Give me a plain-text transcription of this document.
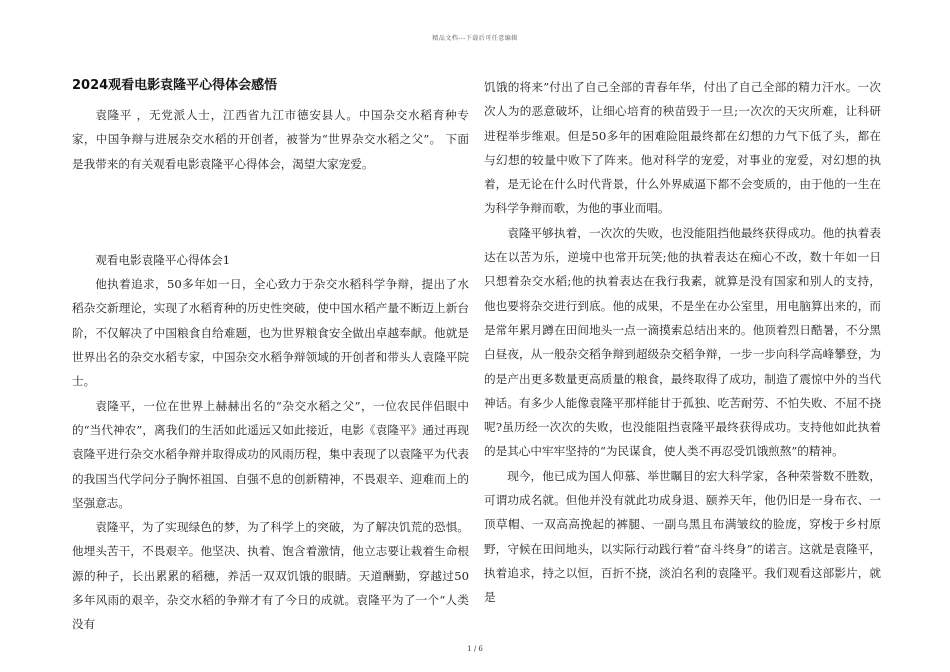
精品文档---下载后可任意编辑
2024观看电影袁隆平心得体会感悟

袁隆平 ，无党派人士，江西省九江市德安县人。中国杂交水稻育种专家，中国争辩与进展杂交水稻的开创者，被誉为“世界杂交水稻之父”。 下面是我带来的有关观看电影袁隆平心得体会，渴望大家宠爱。

观看电影袁隆平心得体会1

他执着追求，50多年如一日，全心致力于杂交水稻科学争辩，提出了水稻杂交新理论，实现了水稻育种的历史性突破，使中国水稻产量不断迈上新台阶，不仅解决了中国粮食自给难题，也为世界粮食安全做出卓越奉献。他就是世界出名的杂交水稻专家，中国杂交水稻争辩领域的开创者和带头人袁隆平院士。

袁隆平，一位在世界上赫赫出名的“杂交水稻之父”，一位农民伴侣眼中的“当代神农”，离我们的生活如此遥远又如此接近，电影《袁隆平》通过再现袁隆平进行杂交水稻争辩并取得成功的风雨历程，集中表现了以袁隆平为代表的我国当代学问分子胸怀祖国、自强不息的创新精神，不畏艰辛、迎难而上的坚强意志。

袁隆平，为了实现绿色的梦，为了科学上的突破，为了解决饥荒的恐惧。他埋头苦干，不畏艰辛。他坚决、执着、饱含着激情，他立志要让栽着生命根源的种子，长出累累的稻穗，养活一双双饥饿的眼睛。天道酬勤，穿越过50多年风雨的艰辛，杂交水稻的争辩才有了今日的成就。袁隆平为了一个“人类没有

饥饿的将来”付出了自己全部的青春年华，付出了自己全部的精力汗水。一次次人为的恶意破坏，让细心培育的秧苗毁于一旦;一次次的天灾所难，让科研进程举步维艰。但是50多年的困难险阻最终都在幻想的力气下低了头，都在与幻想的较量中败下了阵来。他对科学的宠爱，对事业的宠爱，对幻想的执着，是无论在什么时代背景，什么外界威逼下都不会变质的，由于他的一生在为科学争辩而歌，为他的事业而唱。

袁隆平够执着，一次次的失败，也没能阻挡他最终获得成功。他的执着表达在以苦为乐，逆境中也常开玩笑;他的执着表达在痴心不改，数十年如一日只想着杂交水稻;他的执着表达在我行我素，就算是没有国家和别人的支持，他也要将杂交进行到底。他的成果，不是坐在办公室里，用电脑算出来的，而是常年累月蹲在田间地头一点一滴摸索总结出来的。他顶着烈日酷暑，不分黑白昼夜，从一般杂交稻争辩到超级杂交稻争辩，一步一步向科学高峰攀登，为的是产出更多数量更高质量的粮食，最终取得了成功，制造了震惊中外的当代神话。有多少人能像袁隆平那样能甘于孤独、吃苦耐劳、不怕失败、不屈不挠呢?虽历经一次次的失败，也没能阻挡袁隆平最终获得成功。支持他如此执着的是其心中牢牢坚持的“为民谋食，使人类不再忍受饥饿煎熬”的精神。

现今，他已成为国人仰慕、举世瞩目的宏大科学家，各种荣誉数不胜数，可谓功成名就。但他并没有就此功成身退、颐养天年，他仍旧是一身布衣、一顶草帽、一双高高挽起的裤腿、一副乌黑且布满皱纹的脸庞，穿梭于乡村原野，守候在田间地头，以实际行动践行着“奋斗终身”的诺言。这就是袁隆平，执着追求，持之以恒，百折不挠，淡泊名利的袁隆平。我们观看这部影片，就是

1 / 6
